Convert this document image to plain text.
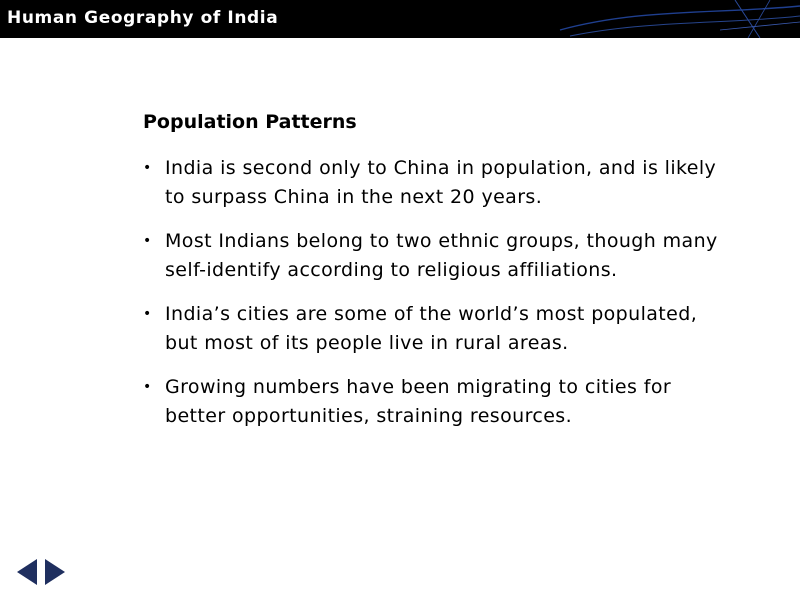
Human Geography of India
Population Patterns
• India is second only to China in population, and is likely to surpass China in the next 20 years.
• Most Indians belong to two ethnic groups, though many self-identify according to religious affiliations.
• India’s cities are some of the world’s most populated, but most of its people live in rural areas.
• Growing numbers have been migrating to cities for better opportunities, straining resources.
